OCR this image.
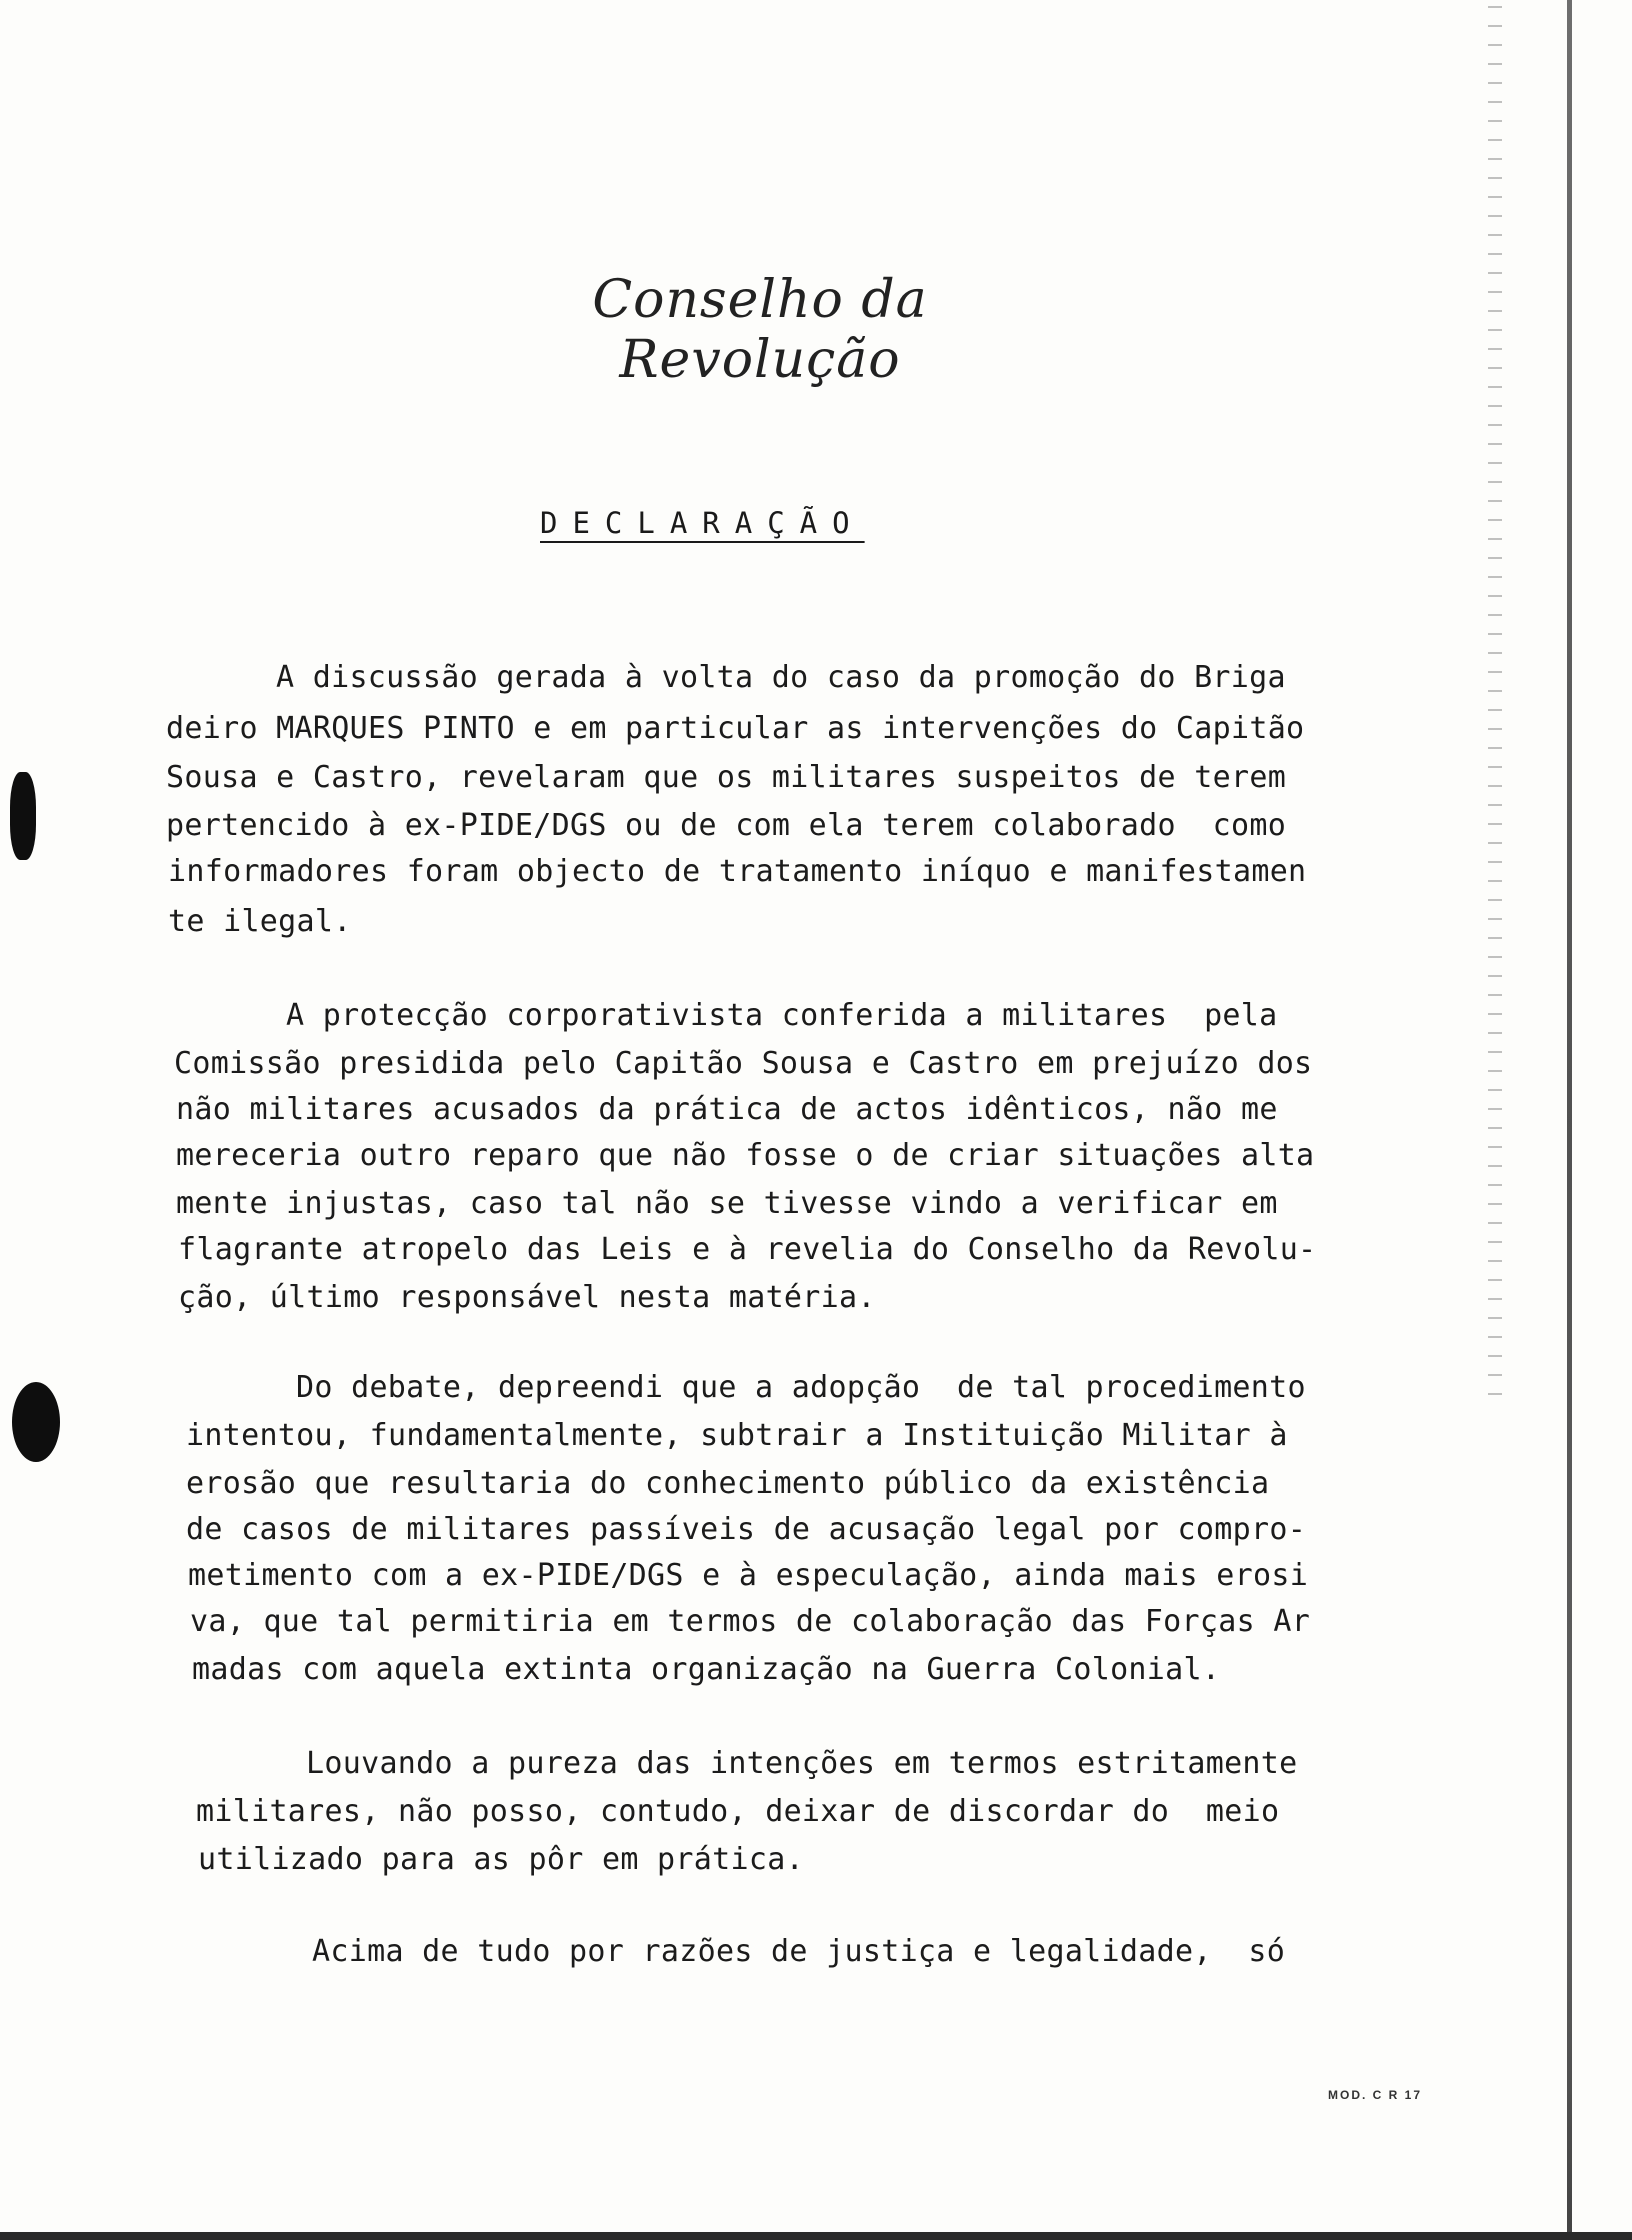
Conselho da Revolução
DECLARAÇÃO
A discussão gerada à volta do caso da promoção do Briga
deiro MARQUES PINTO e em particular as intervenções do Capitão
Sousa e Castro, revelaram que os militares suspeitos de terem
pertencido à ex-PIDE/DGS ou de com ela terem colaborado  como
informadores foram objecto de tratamento iníquo e manifestamen
te ilegal.
A protecção corporativista conferida a militares  pela
Comissão presidida pelo Capitão Sousa e Castro em prejuízo dos
não militares acusados da prática de actos idênticos, não me
mereceria outro reparo que não fosse o de criar situações alta
mente injustas, caso tal não se tivesse vindo a verificar em
flagrante atropelo das Leis e à revelia do Conselho da Revolu-
ção, último responsável nesta matéria.
Do debate, depreendi que a adopção  de tal procedimento
intentou, fundamentalmente, subtrair a Instituição Militar à
erosão que resultaria do conhecimento público da existência
de casos de militares passíveis de acusação legal por compro-
metimento com a ex-PIDE/DGS e à especulação, ainda mais erosi
va, que tal permitiria em termos de colaboração das Forças Ar
madas com aquela extinta organização na Guerra Colonial.
Louvando a pureza das intenções em termos estritamente
militares, não posso, contudo, deixar de discordar do  meio
utilizado para as pôr em prática.
Acima de tudo por razões de justiça e legalidade,  só
MOD. C R 17
